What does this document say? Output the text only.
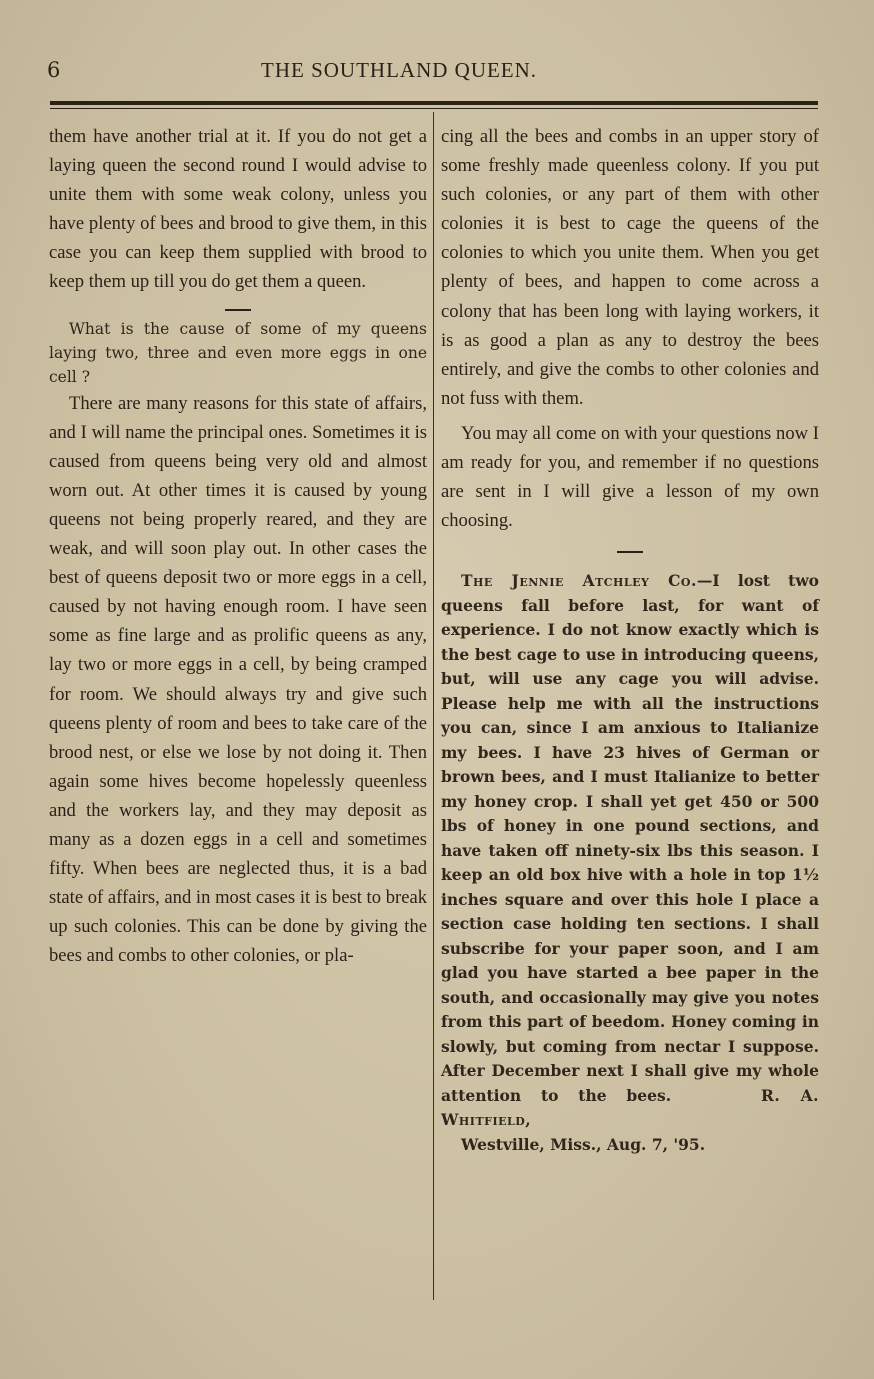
6	THE SOUTHLAND QUEEN.

them have another trial at it. If you do not get a laying queen the second round I would advise to unite them with some weak colony, unless you have plenty of bees and brood to give them, in this case you can keep them supplied with brood to keep them up till you do get them a queen.

What is the cause of some of my queens laying two, three and even more eggs in one cell ?

There are many reasons for this state of affairs, and I will name the principal ones. Sometimes it is caused from queens being very old and almost worn out. At other times it is caused by young queens not being properly reared, and they are weak, and will soon play out. In other cases the best of queens deposit two or more eggs in a cell, caused by not having enough room. I have seen some as fine large and as prolific queens as any, lay two or more eggs in a cell, by being cramped for room. We should always try and give such queens plenty of room and bees to take care of the brood nest, or else we lose by not doing it. Then again some hives become hopelessly queenless and the workers lay, and they may deposit as many as a dozen eggs in a cell and sometimes fifty. When bees are neglected thus, it is a bad state of affairs, and in most cases it is best to break up such colonies. This can be done by giving the bees and combs to other colonies, or pla-

cing all the bees and combs in an upper story of some freshly made queenless colony. If you put such colonies, or any part of them with other colonies it is best to cage the queens of the colonies to which you unite them. When you get plenty of bees, and happen to come across a colony that has been long with laying workers, it is as good a plan as any to destroy the bees entirely, and give the combs to other colonies and not fuss with them.

You may all come on with your questions now I am ready for you, and remember if no questions are sent in I will give a lesson of my own choosing.

The Jennie Atchley Co.—I lost two queens fall before last, for want of experience. I do not know exactly which is the best cage to use in introducing queens, but, will use any cage you will advise. Please help me with all the instructions you can, since I am anxious to Italianize my bees. I have 23 hives of German or brown bees, and I must Italianize to better my honey crop. I shall yet get 450 or 500 lbs of honey in one pound sections, and have taken off ninety-six lbs this season. I keep an old box hive with a hole in top 1½ inches square and over this hole I place a section case holding ten sections. I shall subscribe for your paper soon, and I am glad you have started a bee paper in the south, and occasionally may give you notes from this part of beedom. Honey coming in slowly, but coming from nectar I suppose. After December next I shall give my whole attention to the bees.	R. A. Whitfield,

Westville, Miss., Aug. 7, '95.
